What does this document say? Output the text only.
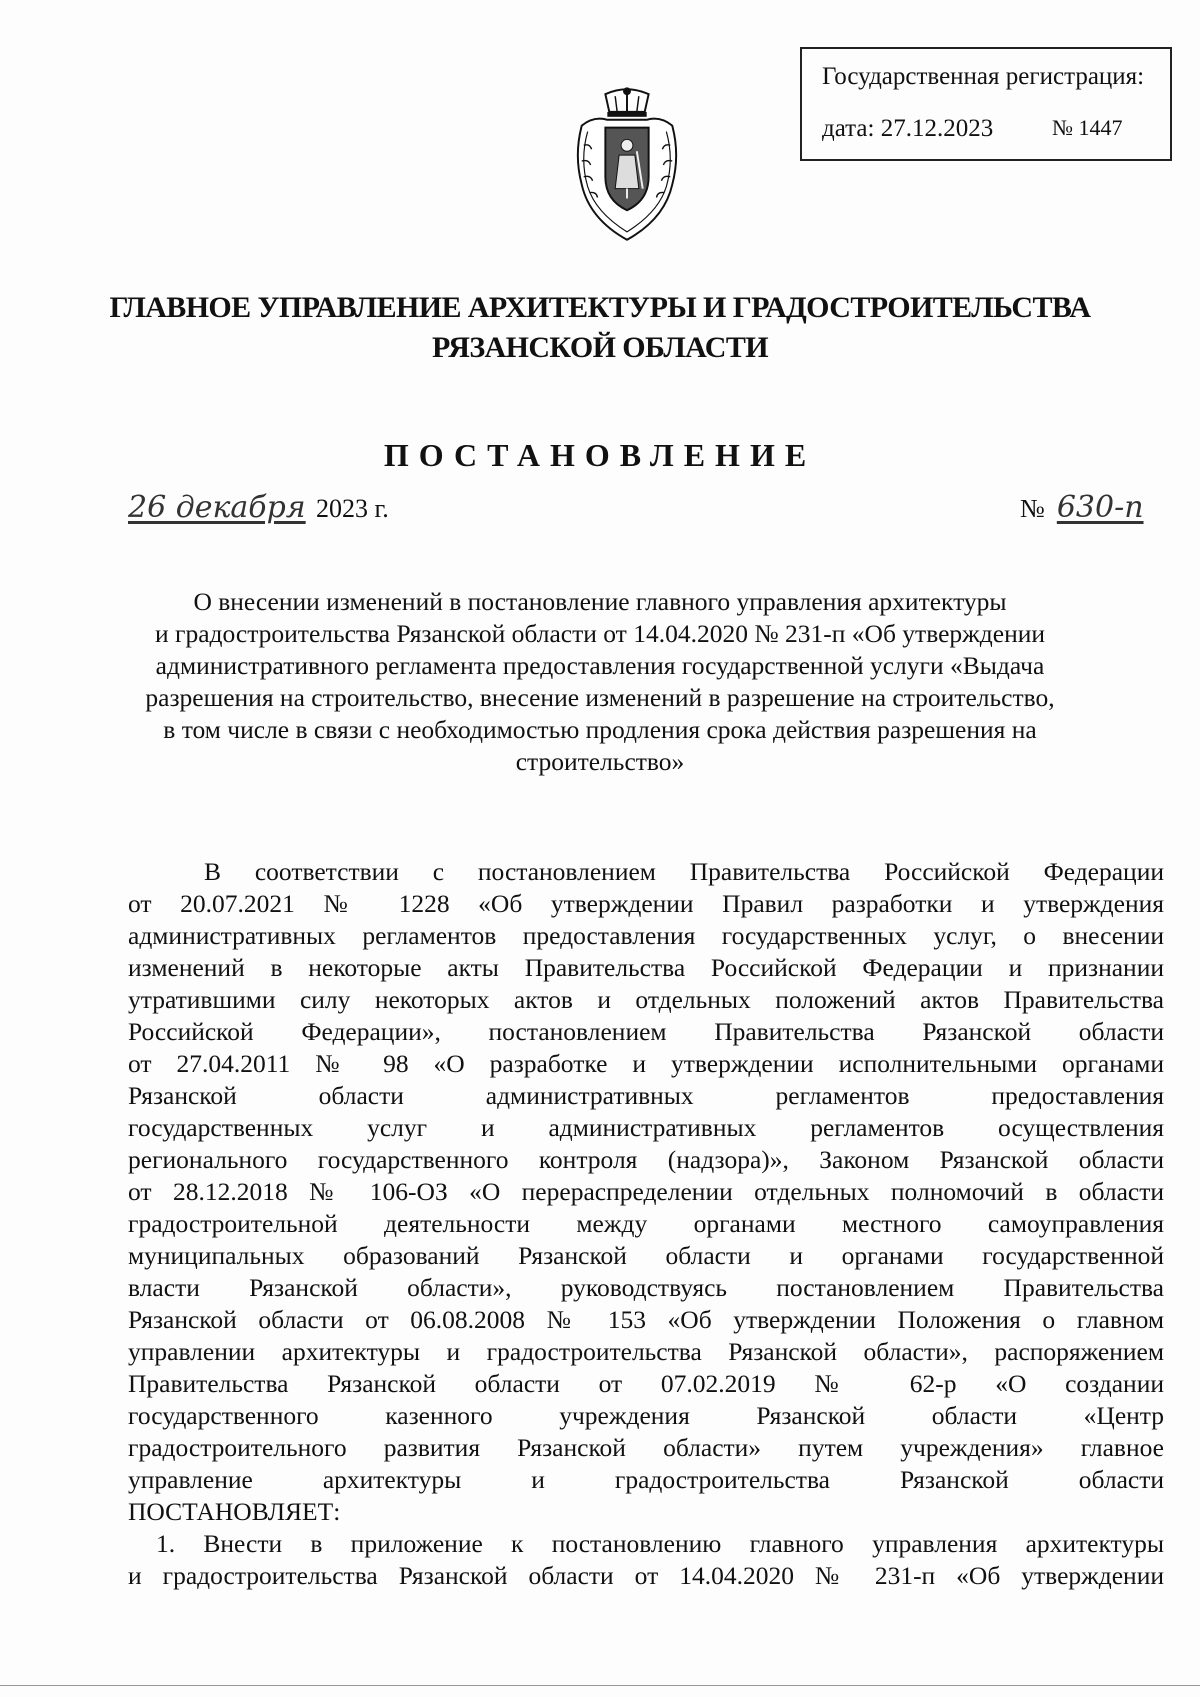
Государственная регистрация:
дата: 27.12.2023	№ 1447
ГЛАВНОЕ УПРАВЛЕНИЕ АРХИТЕКТУРЫ И ГРАДОСТРОИТЕЛЬСТВА
РЯЗАНСКОЙ ОБЛАСТИ
ПОСТАНОВЛЕНИЕ
26 декабря 2023 г.	№ 630-п
О внесении изменений в постановление главного управления архитектуры
и градостроительства Рязанской области от 14.04.2020 № 231-п «Об утверждении
административного регламента предоставления государственной услуги «Выдача
разрешения на строительство, внесение изменений в разрешение на строительство,
в том числе в связи с необходимостью продления срока действия разрешения на
строительство»
В соответствии с постановлением Правительства Российской Федерации
от 20.07.2021 № 1228 «Об утверждении Правил разработки и утверждения
административных регламентов предоставления государственных услуг, о внесении
изменений в некоторые акты Правительства Российской Федерации и признании
утратившими силу некоторых актов и отдельных положений актов Правительства
Российской Федерации», постановлением Правительства Рязанской области
от 27.04.2011 № 98 «О разработке и утверждении исполнительными органами
Рязанской области административных регламентов предоставления
государственных услуг и административных регламентов осуществления
регионального государственного контроля (надзора)», Законом Рязанской области
от 28.12.2018 № 106-ОЗ «О перераспределении отдельных полномочий в области
градостроительной деятельности между органами местного самоуправления
муниципальных образований Рязанской области и органами государственной
власти Рязанской области», руководствуясь постановлением Правительства
Рязанской области от 06.08.2008 № 153 «Об утверждении Положения о главном
управлении архитектуры и градостроительства Рязанской области», распоряжением
Правительства Рязанской области от 07.02.2019 № 62-р «О создании
государственного казенного учреждения Рязанской области «Центр
градостроительного развития Рязанской области» путем учреждения» главное
управление архитектуры и градостроительства Рязанской области
ПОСТАНОВЛЯЕТ:
1. Внести в приложение к постановлению главного управления архитектуры
и градостроительства Рязанской области от 14.04.2020 № 231-п «Об утверждении
